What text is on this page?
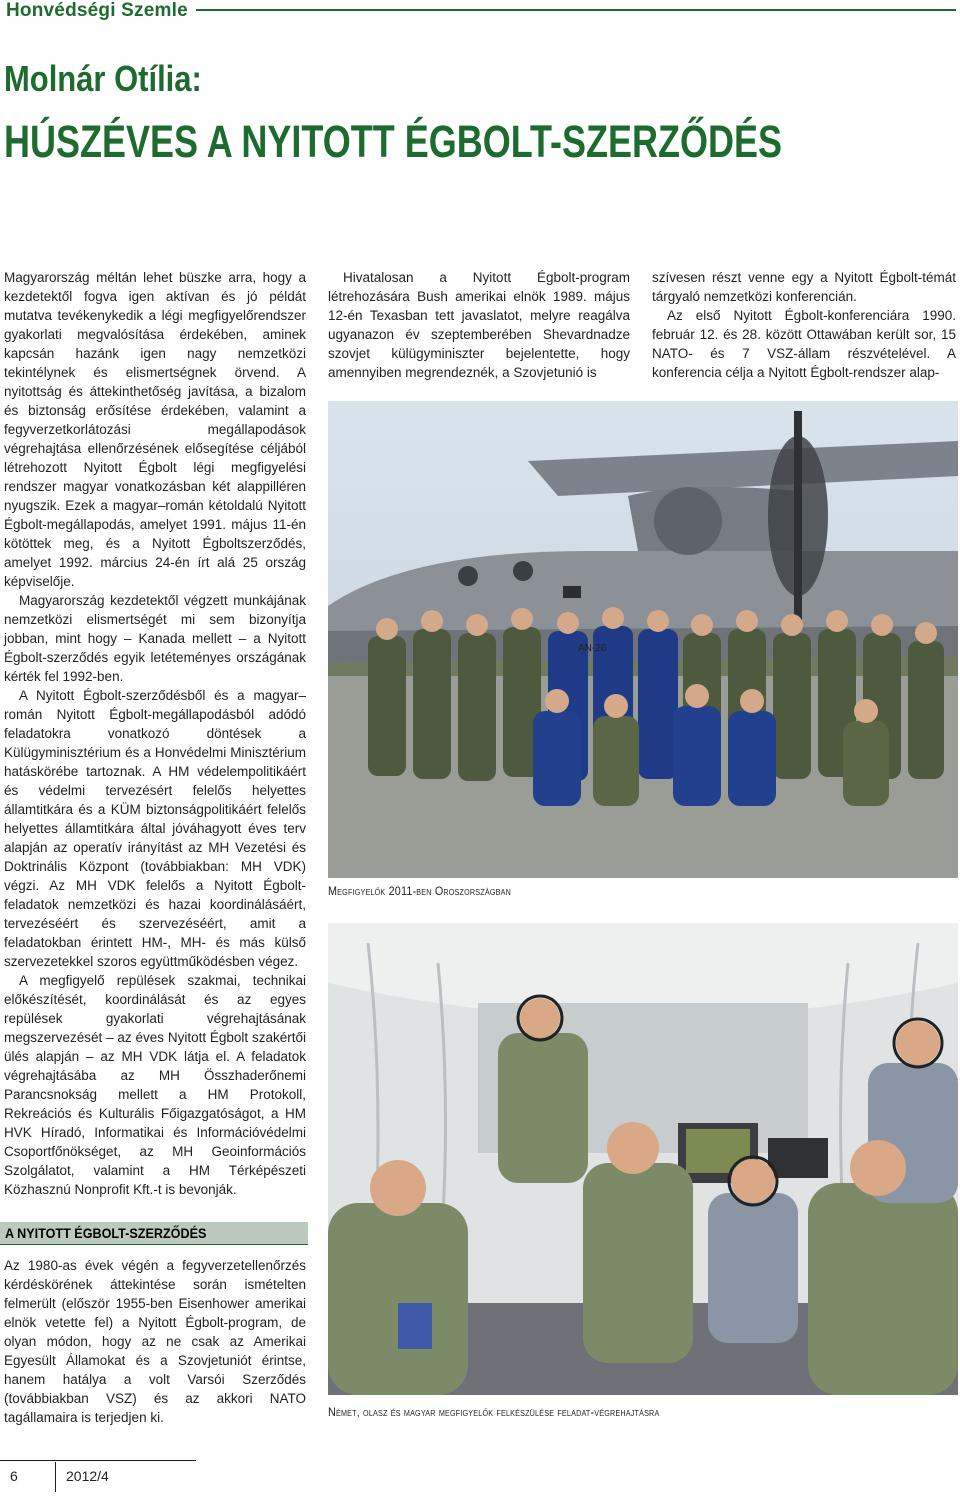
Honvédségi Szemle
Molnár Otília:
HÚSZÉVES A NYITOTT ÉGBOLT-SZERZŐDÉS

Magyarország méltán lehet büszke arra, hogy a kezdetektől fogva igen aktívan és jó példát mutatva tevékenykedik a légi megfigyelőrendszer gyakorlati megvalósítása érdekében, aminek kapcsán hazánk igen nagy nemzetközi tekintélynek és elismertségnek örvend. A nyitottság és áttekinthetőség javítása, a bizalom és biztonság erősítése érdekében, valamint a fegyverzetkorlátozási megállapodások végrehajtása ellenőrzésének elősegítése céljából létrehozott Nyitott Égbolt légi megfigyelési rendszer magyar vonatkozásban két alappilléren nyugszik. Ezek a magyar–román kétoldalú Nyitott Égbolt-megállapodás, amelyet 1991. május 11-én kötöttek meg, és a Nyitott Égboltszerződés, amelyet 1992. március 24-én írt alá 25 ország képviselője.

Magyarország kezdetektől végzett munkájának nemzetközi elismertségét mi sem bizonyítja jobban, mint hogy – Kanada mellett – a Nyitott Égbolt-szerződés egyik letéteményes országának kérték fel 1992-ben.

A Nyitott Égbolt-szerződésből és a magyar–román Nyitott Égbolt-megállapodásból adódó feladatokra vonatkozó döntések a Külügyminisztérium és a Honvédelmi Minisztérium hatáskörébe tartoznak. A HM védelempolitikáért és védelmi tervezésért felelős helyettes államtitkára és a KÜM biztonságpolitikáért felelős helyettes államtitkára által jóváhagyott éves terv alapján az operatív irányítást az MH Vezetési és Doktrinális Központ (továbbiakban: MH VDK) végzi. Az MH VDK felelős a Nyitott Égbolt-feladatok nemzetközi és hazai koordinálásáért, tervezéséért és szervezéséért, amit a feladatokban érintett HM-, MH- és más külső szervezetekkel szoros együttműködésben végez.

A megfigyelő repülések szakmai, technikai előkészítését, koordinálását és az egyes repülések gyakorlati végrehajtásának megszervezését – az éves Nyitott Égbolt szakértői ülés alapján – az MH VDK látja el. A feladatok végrehajtásába az MH Összhaderőnemi Parancsnokság mellett a HM Protokoll, Rekreációs és Kulturális Főigazgatóságot, a HM HVK Híradó, Informatikai és Információvédelmi Csoportfőnökséget, az MH Geoinformációs Szolgálatot, valamint a HM Térképészeti Közhasznú Nonprofit Kft.-t is bevonják.

A NYITOTT ÉGBOLT-SZERZŐDÉS

Az 1980-as évek végén a fegyverzetellenőrzés kérdéskörének áttekintése során ismételten felmerült (először 1955-ben Eisenhower amerikai elnök vetette fel) a Nyitott Égbolt-program, de olyan módon, hogy az ne csak az Amerikai Egyesült Államokat és a Szovjetuniót érintse, hanem hatálya a volt Varsói Szerződés (továbbiakban VSZ) és az akkori NATO tagállamaira is terjedjen ki.

Hivatalosan a Nyitott Égbolt-program létrehozására Bush amerikai elnök 1989. május 12-én Texasban tett javaslatot, melyre reagálva ugyanazon év szeptemberében Shevardnadze szovjet külügyminiszter bejelentette, hogy amennyiben megrendeznék, a Szovjetunió is

szívesen részt venne egy a Nyitott Égbolt-témát tárgyaló nemzetközi konferencián.

Az első Nyitott Égbolt-konferenciára 1990. február 12. és 28. között Ottawában került sor, 15 NATO- és 7 VSZ-állam részvételével. A konferencia célja a Nyitott Égbolt-rendszer alap-

AN-26
Megfigyelők 2011-ben Oroszországban
Német, olasz és magyar megfigyelők felkészülése feladat-végrehajtásra
6	2012/4
